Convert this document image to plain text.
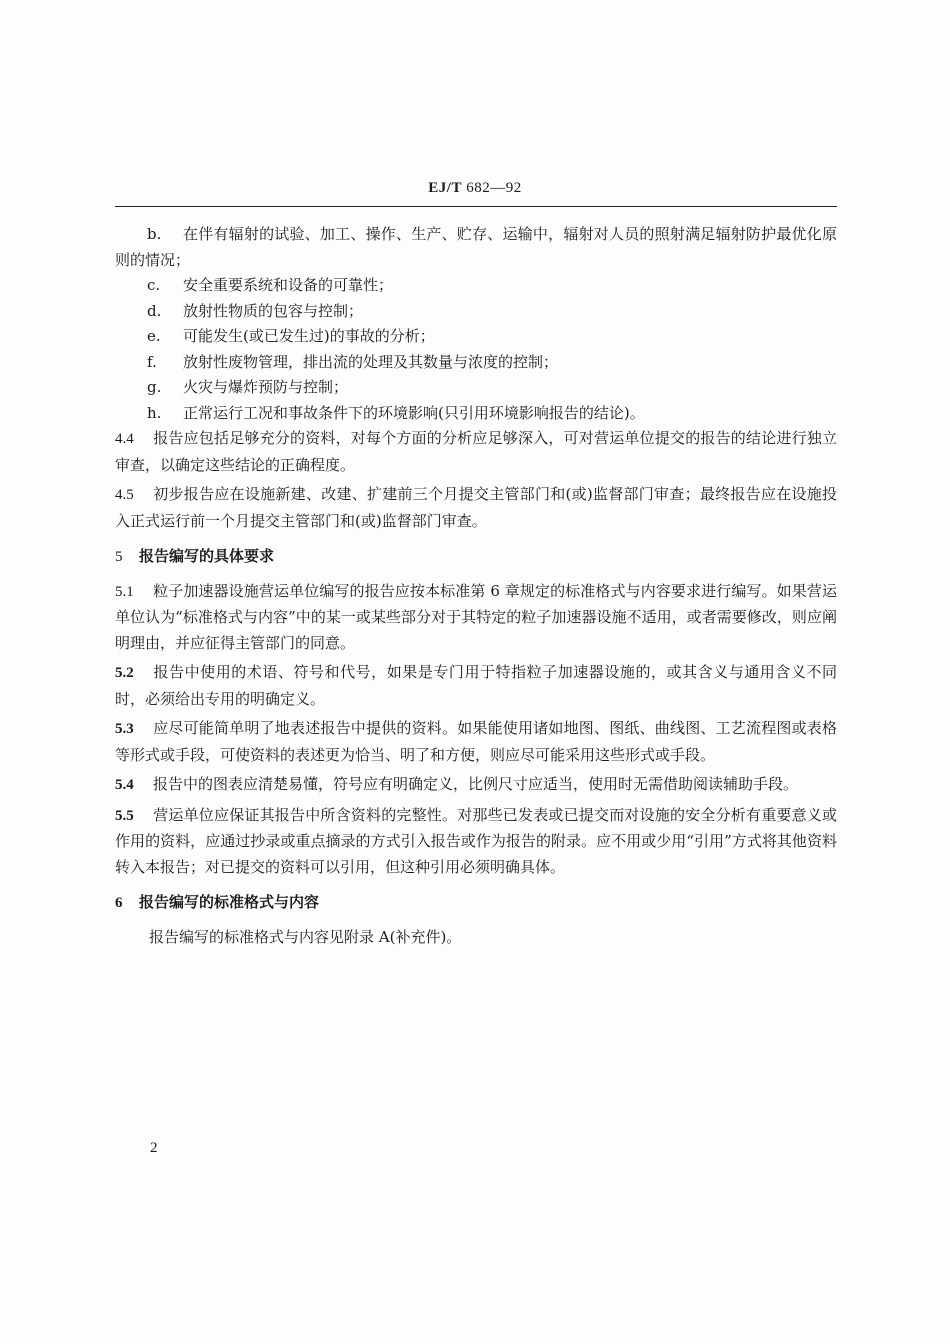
EJ/T 682—92

b. 在伴有辐射的试验、加工、操作、生产、贮存、运输中，辐射对人员的照射满足辐射防护最优化原则的情况；

c. 安全重要系统和设备的可靠性；

d. 放射性物质的包容与控制；

e. 可能发生(或已发生过)的事故的分析；

f. 放射性废物管理，排出流的处理及其数量与浓度的控制；

g. 火灾与爆炸预防与控制；

h. 正常运行工况和事故条件下的环境影响(只引用环境影响报告的结论)。

4.4 报告应包括足够充分的资料，对每个方面的分析应足够深入，可对营运单位提交的报告的结论进行独立审查，以确定这些结论的正确程度。

4.5 初步报告应在设施新建、改建、扩建前三个月提交主管部门和(或)监督部门审查；最终报告应在设施投入正式运行前一个月提交主管部门和(或)监督部门审查。

5 报告编写的具体要求

5.1 粒子加速器设施营运单位编写的报告应按本标准第 6 章规定的标准格式与内容要求进行编写。如果营运单位认为“标准格式与内容”中的某一或某些部分对于其特定的粒子加速器设施不适用，或者需要修改，则应阐明理由，并应征得主管部门的同意。

5.2 报告中使用的术语、符号和代号，如果是专门用于特指粒子加速器设施的，或其含义与通用含义不同时，必须给出专用的明确定义。

5.3 应尽可能简单明了地表述报告中提供的资料。如果能使用诸如地图、图纸、曲线图、工艺流程图或表格等形式或手段，可使资料的表述更为恰当、明了和方便，则应尽可能采用这些形式或手段。

5.4 报告中的图表应清楚易懂，符号应有明确定义，比例尺寸应适当，使用时无需借助阅读辅助手段。

5.5 营运单位应保证其报告中所含资料的完整性。对那些已发表或已提交而对设施的安全分析有重要意义或作用的资料，应通过抄录或重点摘录的方式引入报告或作为报告的附录。应不用或少用“引用”方式将其他资料转入本报告；对已提交的资料可以引用，但这种引用必须明确具体。

6 报告编写的标准格式与内容

报告编写的标准格式与内容见附录 A(补充件)。

2
